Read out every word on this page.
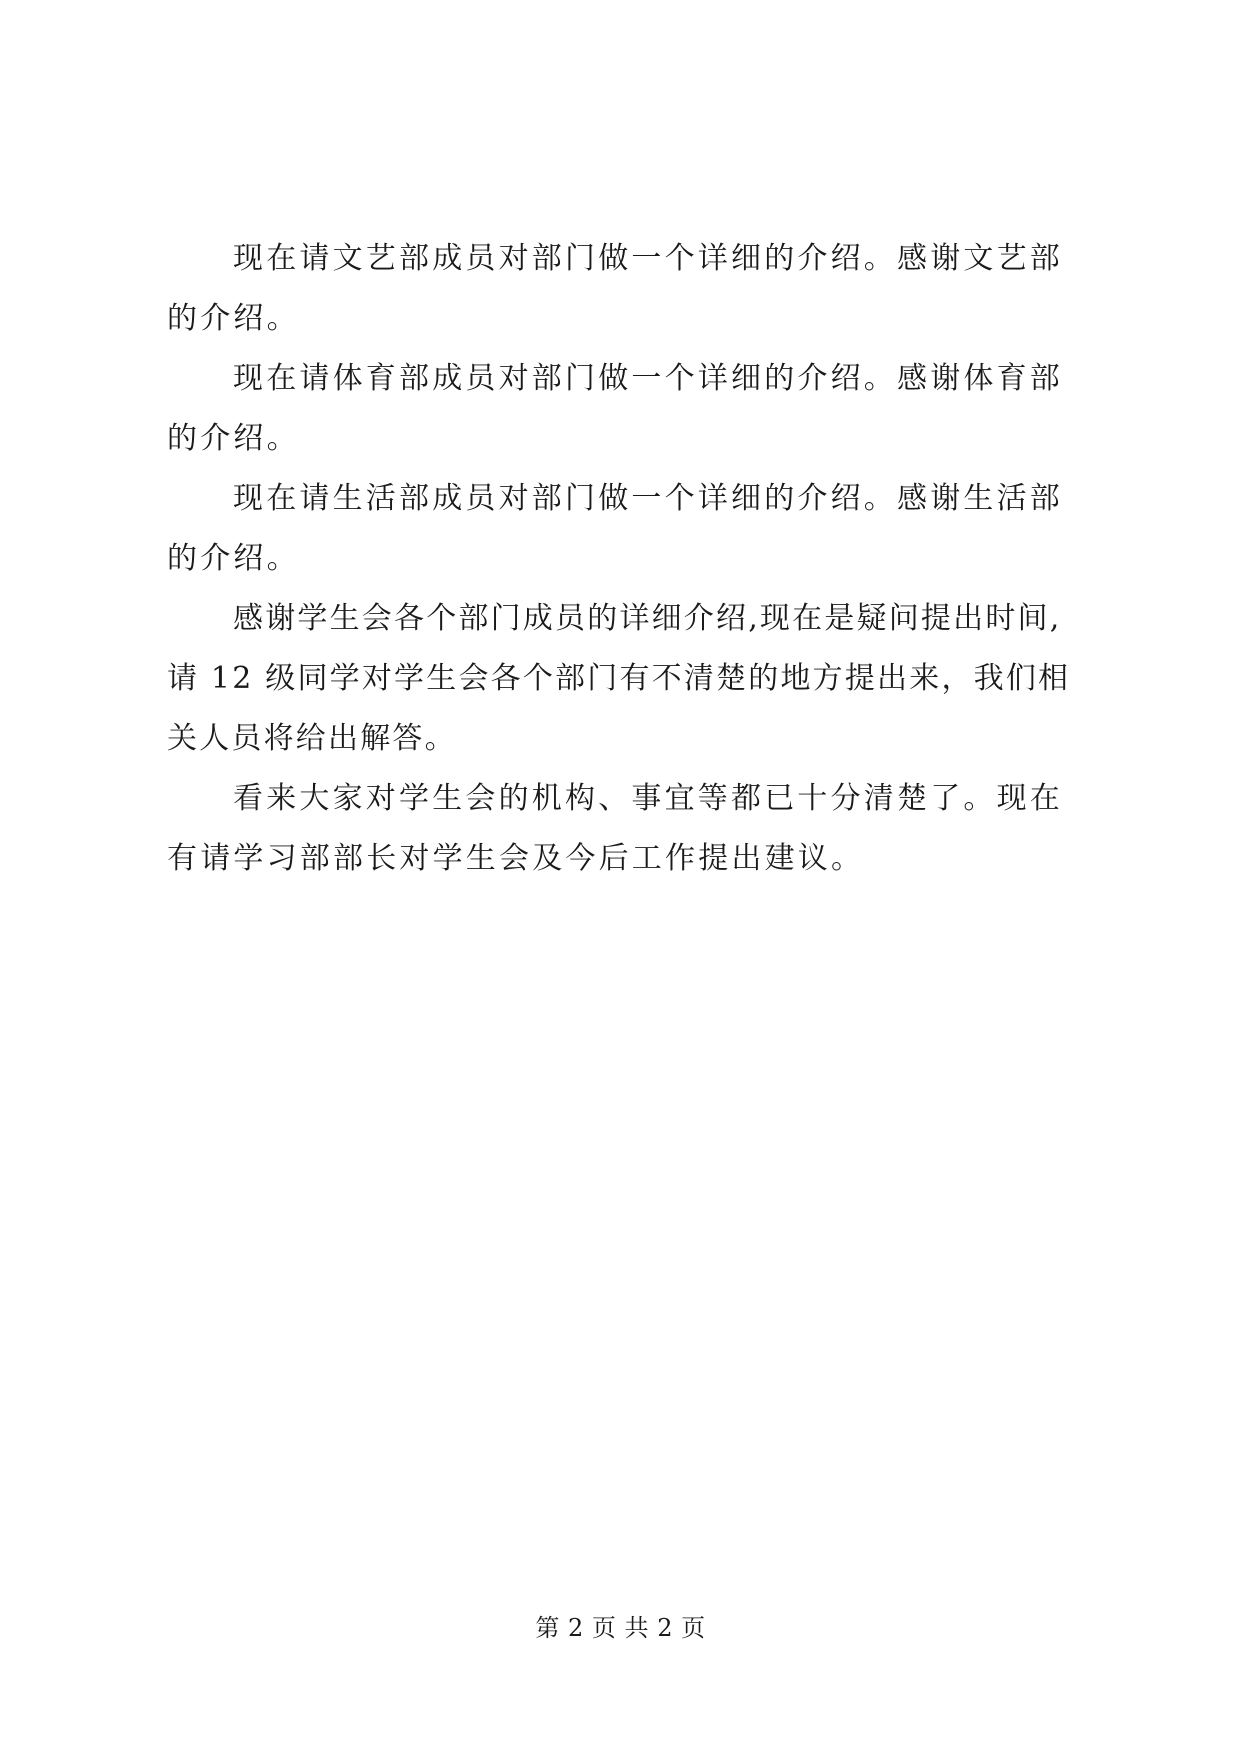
现在请文艺部成员对部门做一个详细的介绍。感谢文艺部的介绍。

现在请体育部成员对部门做一个详细的介绍。感谢体育部的介绍。

现在请生活部成员对部门做一个详细的介绍。感谢生活部的介绍。

感谢学生会各个部门成员的详细介绍,现在是疑问提出时间,请 12 级同学对学生会各个部门有不清楚的地方提出来，我们相关人员将给出解答。

看来大家对学生会的机构、事宜等都已十分清楚了。现在有请学习部部长对学生会及今后工作提出建议。

第 2 页 共 2 页
